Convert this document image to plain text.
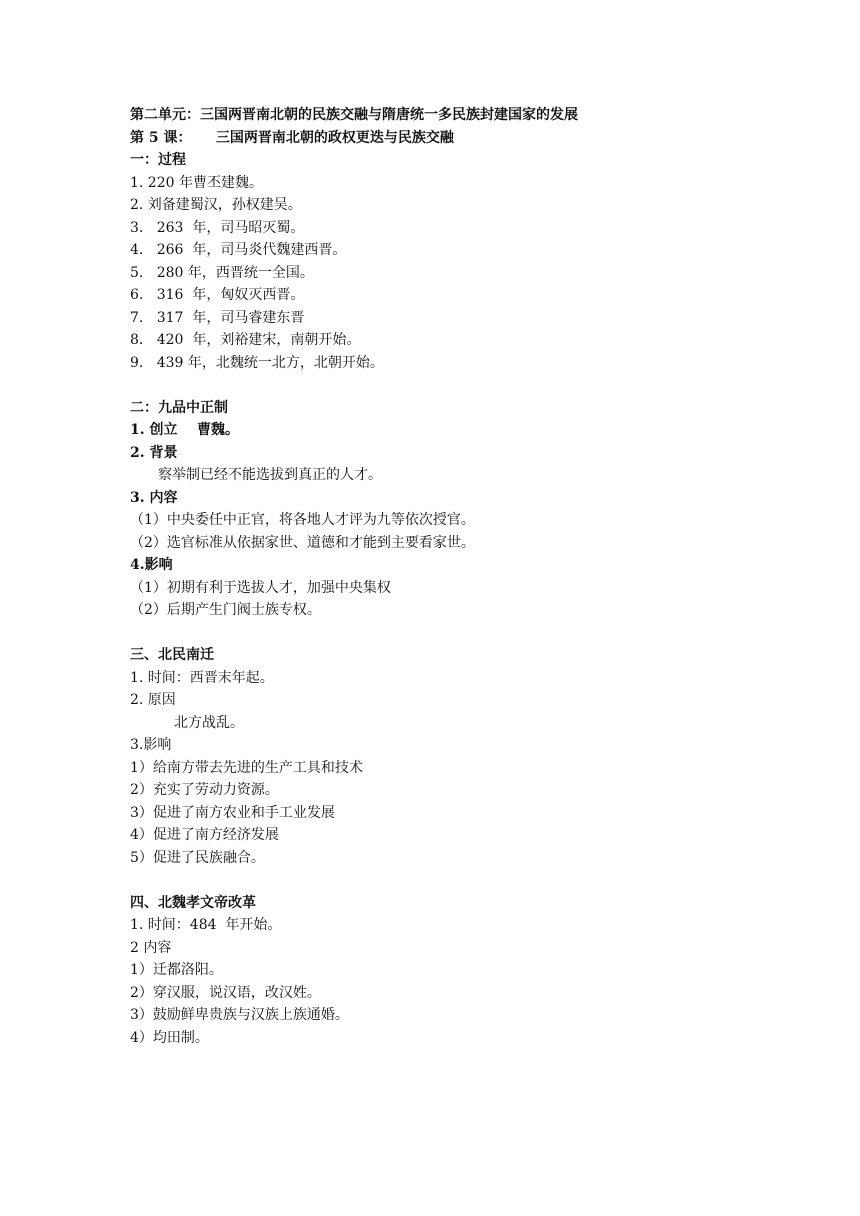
第二单元：三国两晋南北朝的民族交融与隋唐统一多民族封建国家的发展
第 5 课： 三国两晋南北朝的政权更迭与民族交融
一：过程
1. 220 年曹丕建魏。
2. 刘备建蜀汉，孙权建吴。
3.   263  年，司马昭灭蜀。
4.   266  年，司马炎代魏建西晋。
5.   280 年，西晋统一全国。
6.   316  年，匈奴灭西晋。
7.   317  年，司马睿建东晋
8.   420  年，刘裕建宋，南朝开始。
9.   439 年，北魏统一北方，北朝开始。
二：九品中正制
1. 创立    曹魏。
2. 背景
察举制已经不能选拔到真正的人才。
3. 内容
（1）中央委任中正官，将各地人才评为九等依次授官。
（2）选官标准从依据家世、道德和才能到主要看家世。
4.影响
（1）初期有利于选拔人才，加强中央集权
（2）后期产生门阀士族专权。
三、北民南迁
1. 时间：西晋末年起。
2. 原因
北方战乱。
3.影响
1）给南方带去先进的生产工具和技术
2）充实了劳动力资源。
3）促进了南方农业和手工业发展
4）促进了南方经济发展
5）促进了民族融合。
四、北魏孝文帝改革
1. 时间：484  年开始。
2 内容
1）迁都洛阳。
2）穿汉服，说汉语，改汉姓。
3）鼓励鲜卑贵族与汉族上族通婚。
4）均田制。
